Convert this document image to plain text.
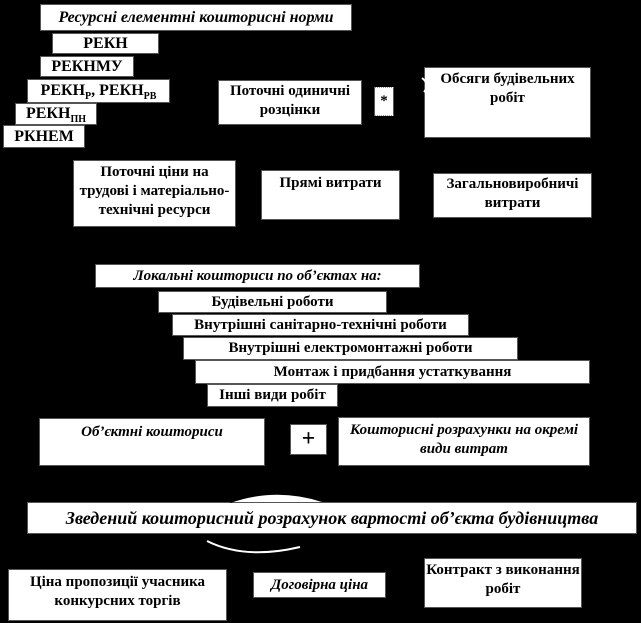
Ресурсні елементні кошторисні норми
РЕКН
РЕКНМУ
$РЕКН_Р$, $РЕКН_{РВ}$
$РЕКН_{ПН}$
РКНЕМ
Поточні одиничні розцінки
*
Обсяги будівельних робіт
Поточні ціни на трудові і матеріально-технічні ресурси
Прямі витрати	Загальновиробничі витрати
Локальні кошториси по об’єктах на:
Будівельні роботи
Внутрішні санітарно-технічні роботи
Внутрішні електромонтажні роботи
Монтаж і придбання устаткування
Інші види робіт
Об’єктні кошториси	+	Кошторисні розрахунки на окремі види витрат
Зведений кошторисний розрахунок вартості об’єкта будівництва
Ціна пропозиції учасника конкурсних торгів
Договірна ціна
Контракт з виконання робіт
